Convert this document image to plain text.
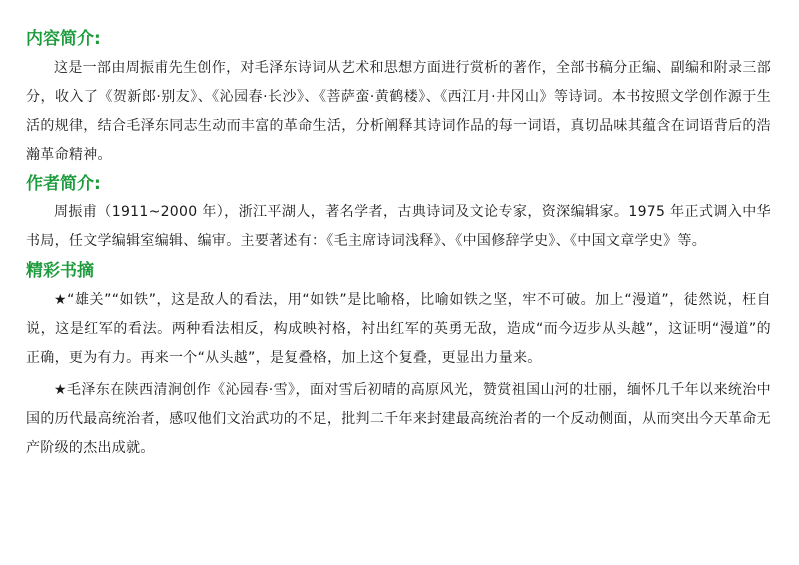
内容简介:

这是一部由周振甫先生创作，对毛泽东诗词从艺术和思想方面进行赏析的著作，全部书稿分正编、副编和附录三部分，收入了《贺新郎·别友》、《沁园春·长沙》、《菩萨蛮·黄鹤楼》、《西江月·井冈山》等诗词。本书按照文学创作源于生活的规律，结合毛泽东同志生动而丰富的革命生活，分析阐释其诗词作品的每一词语，真切品味其蕴含在词语背后的浩瀚革命精神。

作者简介:

周振甫（1911~2000 年），浙江平湖人，著名学者，古典诗词及文论专家，资深编辑家。1975 年正式调入中华书局，任文学编辑室编辑、编审。主要著述有：《毛主席诗词浅释》、《中国修辞学史》、《中国文章学史》等。

精彩书摘

★“雄关”“如铁”，这是敌人的看法，用“如铁”是比喻格，比喻如铁之坚，牢不可破。加上“漫道”，徒然说，枉自说，这是红军的看法。两种看法相反，构成映衬格，衬出红军的英勇无敌，造成“而今迈步从头越”，这证明“漫道”的正确，更为有力。再来一个“从头越”，是复叠格，加上这个复叠，更显出力量来。

★毛泽东在陕西清涧创作《沁园春·雪》，面对雪后初晴的高原风光，赞赏祖国山河的壮丽，缅怀几千年以来统治中国的历代最高统治者，感叹他们文治武功的不足，批判二千年来封建最高统治者的一个反动侧面，从而突出今天革命无产阶级的杰出成就。
